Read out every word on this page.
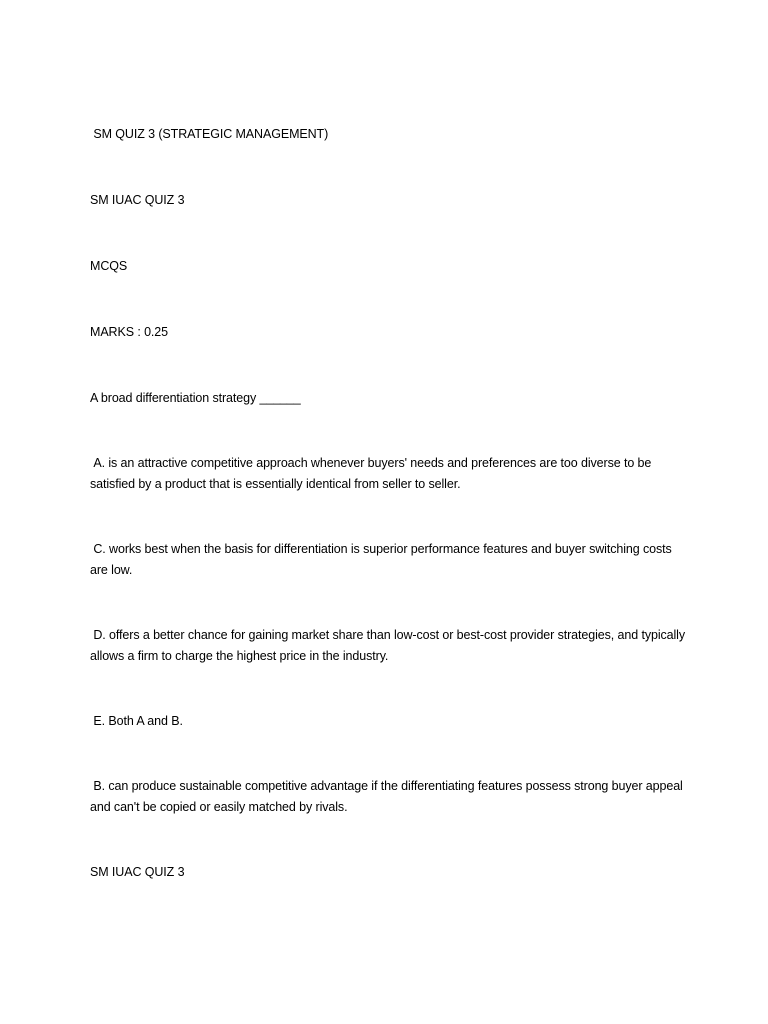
SM QUIZ 3 (STRATEGIC MANAGEMENT)
SM IUAC QUIZ 3
MCQS
MARKS : 0.25
A broad differentiation strategy ______
A. is an attractive competitive approach whenever buyers' needs and preferences are too diverse to be satisfied by a product that is essentially identical from seller to seller.
C. works best when the basis for differentiation is superior performance features and buyer switching costs are low.
D. offers a better chance for gaining market share than low-cost or best-cost provider strategies, and typically allows a firm to charge the highest price in the industry.
E. Both A and B.
B. can produce sustainable competitive advantage if the differentiating features possess strong buyer appeal and can't be copied or easily matched by rivals.
SM IUAC QUIZ 3
